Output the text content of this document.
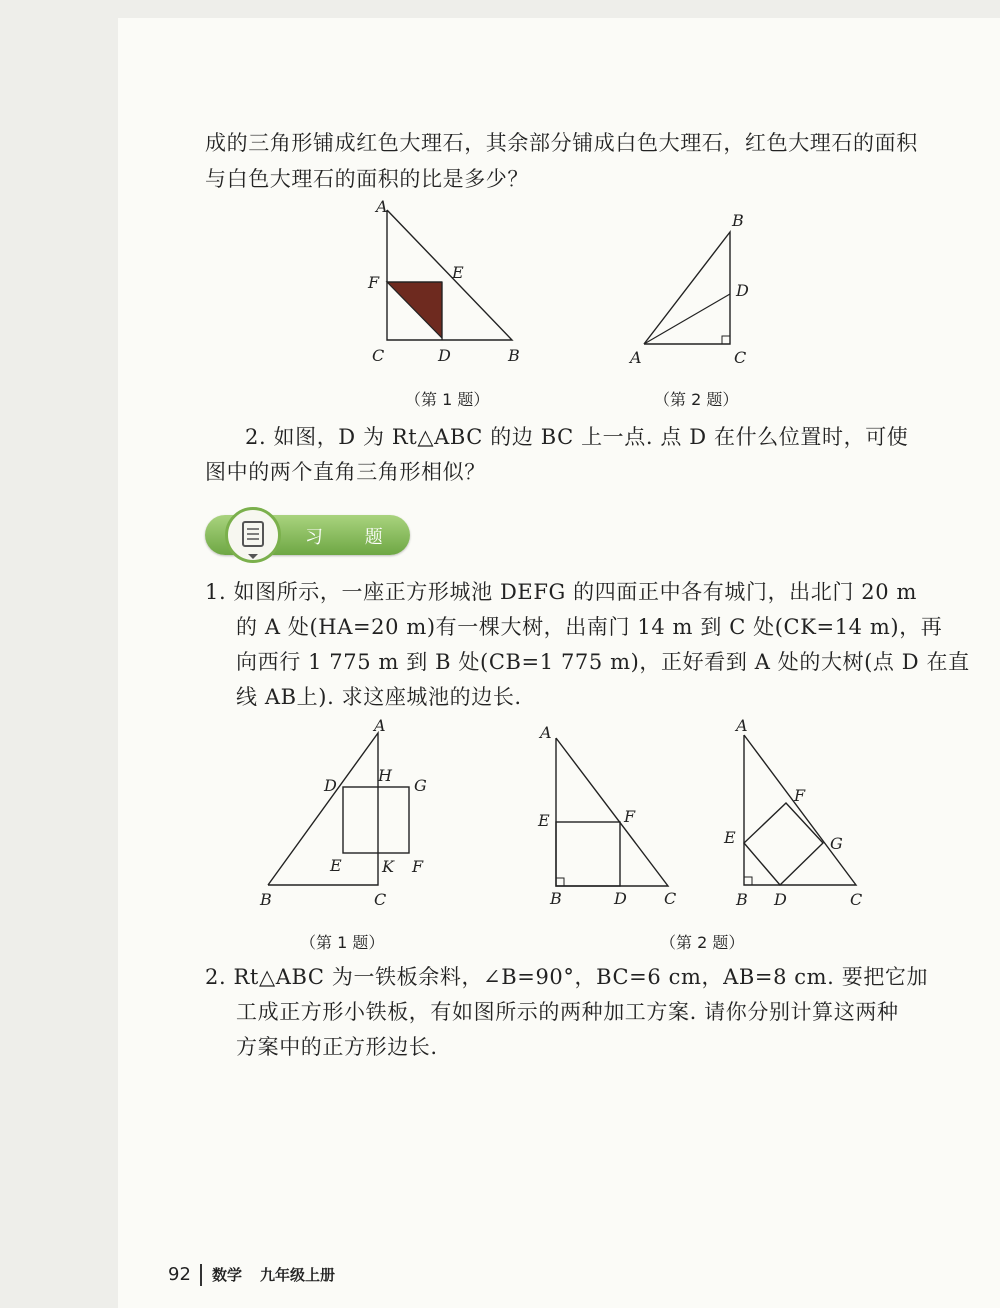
成的三角形铺成红色大理石，其余部分铺成白色大理石，红色大理石的面积

与白色大理石的面积的比是多少？

A
F
E
C	D	B
B
D
A	C
（第 1 题）	（第 2 题）

2. 如图，D 为 Rt△ABC 的边 BC 上一点. 点 D 在什么位置时，可使

图中的两个直角三角形相似？

习 题

1. 如图所示，一座正方形城池 DEFG 的四面正中各有城门，出北门 20 m

的 A 处(HA=20 m)有一棵大树，出南门 14 m 到 C 处(CK=14 m)，再

向西行 1 775 m 到 B 处(CB=1 775 m)，正好看到 A 处的大树(点 D 在直

线 AB上). 求这座城池的边长.

A
D
H
G
E	K F
B	C
A
E	F
B	D C
A
F
E	G
B D	C
（第 1 题）	（第 2 题）

2. Rt△ABC 为一铁板余料，∠B=90°，BC=6 cm，AB=8 cm. 要把它加

工成正方形小铁板，有如图所示的两种加工方案. 请你分别计算这两种

方案中的正方形边长.

92 数学 九年级上册
